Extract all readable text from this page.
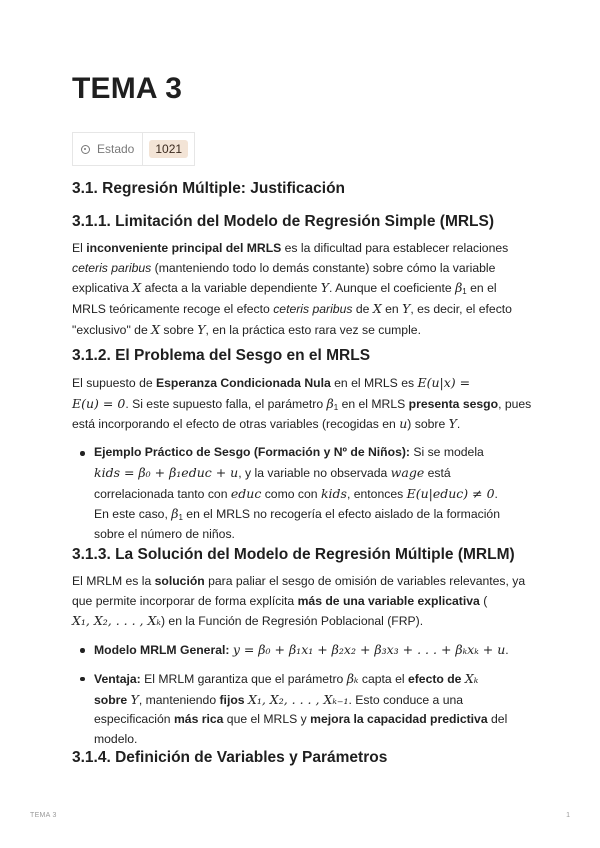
TEMA 3
Estado	1021
3.1. Regresión Múltiple: Justificación
3.1.1. Limitación del Modelo de Regresión Simple (MRLS)

El inconveniente principal del MRLS es la dificultad para establecer relaciones ceteris paribus (manteniendo todo lo demás constante) sobre cómo la variable explicativa X afecta a la variable dependiente Y. Aunque el coeficiente $\beta_1$ en el MRLS teóricamente recoge el efecto ceteris paribus de X en Y, es decir, el efecto "exclusivo" de X sobre Y, en la práctica esto rara vez se cumple.

3.1.2. El Problema del Sesgo en el MRLS

El supuesto de Esperanza Condicionada Nula en el MRLS es E(u|x) =
E(u) = 0. Si este supuesto falla, el parámetro $\beta_1$ en el MRLS presenta sesgo, pues está incorporando el efecto de otras variables (recogidas en u) sobre Y.

Ejemplo Práctico de Sesgo (Formación y Nº de Niños): Si se modela
kids = β₀ + β₁educ + u, y la variable no observada wage está correlacionada tanto con educ como con kids, entonces E(u|educ) ≠ 0.
En este caso, $\beta_1$ en el MRLS no recogería el efecto aislado de la formación sobre el número de niños.
3.1.3. La Solución del Modelo de Regresión Múltiple (MRLM)

El MRLM es la solución para paliar el sesgo de omisión de variables relevantes, ya que permite incorporar de forma explícita más de una variable explicativa (
X₁, X₂, . . . , Xₖ) en la Función de Regresión Poblacional (FRP).

Modelo MRLM General: y = β₀ + β₁x₁ + β₂x₂ + β₃x₃ + . . . + βₖxₖ + u.
Ventaja: El MRLM garantiza que el parámetro βₖ capta el efecto de Xₖ
sobre Y, manteniendo fijos X₁, X₂, . . . , Xₖ₋₁. Esto conduce a una especificación más rica que el MRLS y mejora la capacidad predictiva del modelo.
3.1.4. Definición de Variables y Parámetros
TEMA 3	1
